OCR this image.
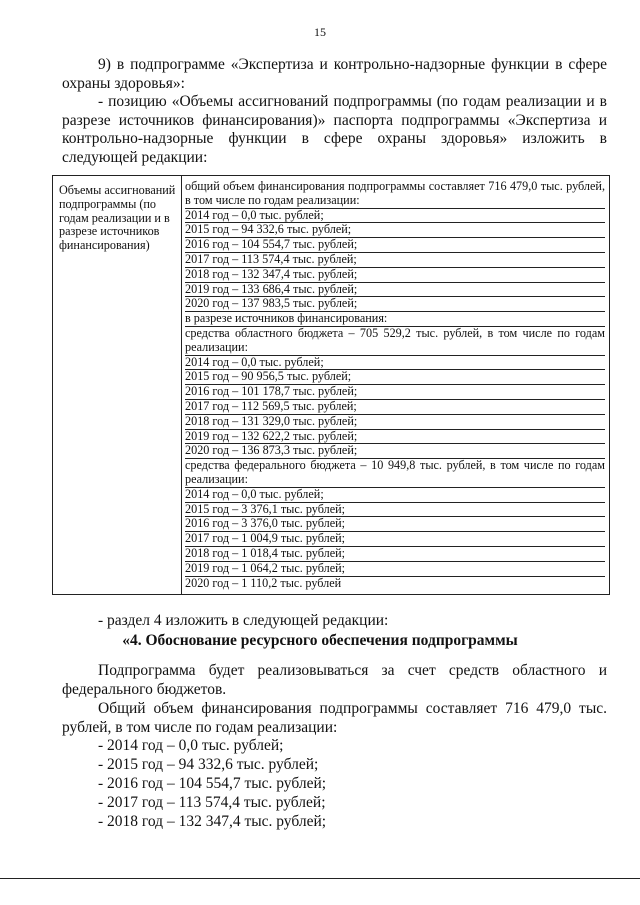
15

9) в подпрограмме «Экспертиза и контрольно-надзорные функции в сфере охраны здоровья»:

- позицию «Объемы ассигнований подпрограммы (по годам реализации и в разрезе источников финансирования)» паспорта подпрограммы «Экспертиза и контрольно-надзорные функции в сфере охраны здоровья» изложить в следующей редакции:

Объемы ассигнований подпрограммы (по годам реализации и в разрезе источников финансирования)	
общий объем финансирования подпрограммы составляет 716 479,0 тыс. рублей, в том числе по годам реализации:
2014 год – 0,0 тыс. рублей;
2015 год – 94 332,6 тыс. рублей;
2016 год – 104 554,7 тыс. рублей;
2017 год – 113 574,4 тыс. рублей;
2018 год – 132 347,4 тыс. рублей;
2019 год – 133 686,4 тыс. рублей;
2020 год – 137 983,5 тыс. рублей;
в разрезе источников финансирования:
средства областного бюджета – 705 529,2 тыс. рублей, в том числе по годам реализации:
2014 год – 0,0 тыс. рублей;
2015 год – 90 956,5 тыс. рублей;
2016 год – 101 178,7 тыс. рублей;
2017 год – 112 569,5 тыс. рублей;
2018 год – 131 329,0 тыс. рублей;
2019 год – 132 622,2 тыс. рублей;
2020 год – 136 873,3 тыс. рублей;
средства федерального бюджета – 10 949,8 тыс. рублей, в том числе по годам реализации:
2014 год – 0,0 тыс. рублей;
2015 год – 3 376,1 тыс. рублей;
2016 год – 3 376,0 тыс. рублей;
2017 год – 1 004,9 тыс. рублей;
2018 год – 1 018,4 тыс. рублей;
2019 год – 1 064,2 тыс. рублей;
2020 год – 1 110,2 тыс. рублей

- раздел 4 изложить в следующей редакции:

«4. Обоснование ресурсного обеспечения подпрограммы

Подпрограмма будет реализовываться за счет средств областного и федерального бюджетов.

Общий объем финансирования подпрограммы составляет 716 479,0 тыс. рублей, в том числе по годам реализации:

- 2014 год – 0,0 тыс. рублей;

- 2015 год – 94 332,6 тыс. рублей;

- 2016 год – 104 554,7 тыс. рублей;

- 2017 год – 113 574,4 тыс. рублей;

- 2018 год – 132 347,4 тыс. рублей;
